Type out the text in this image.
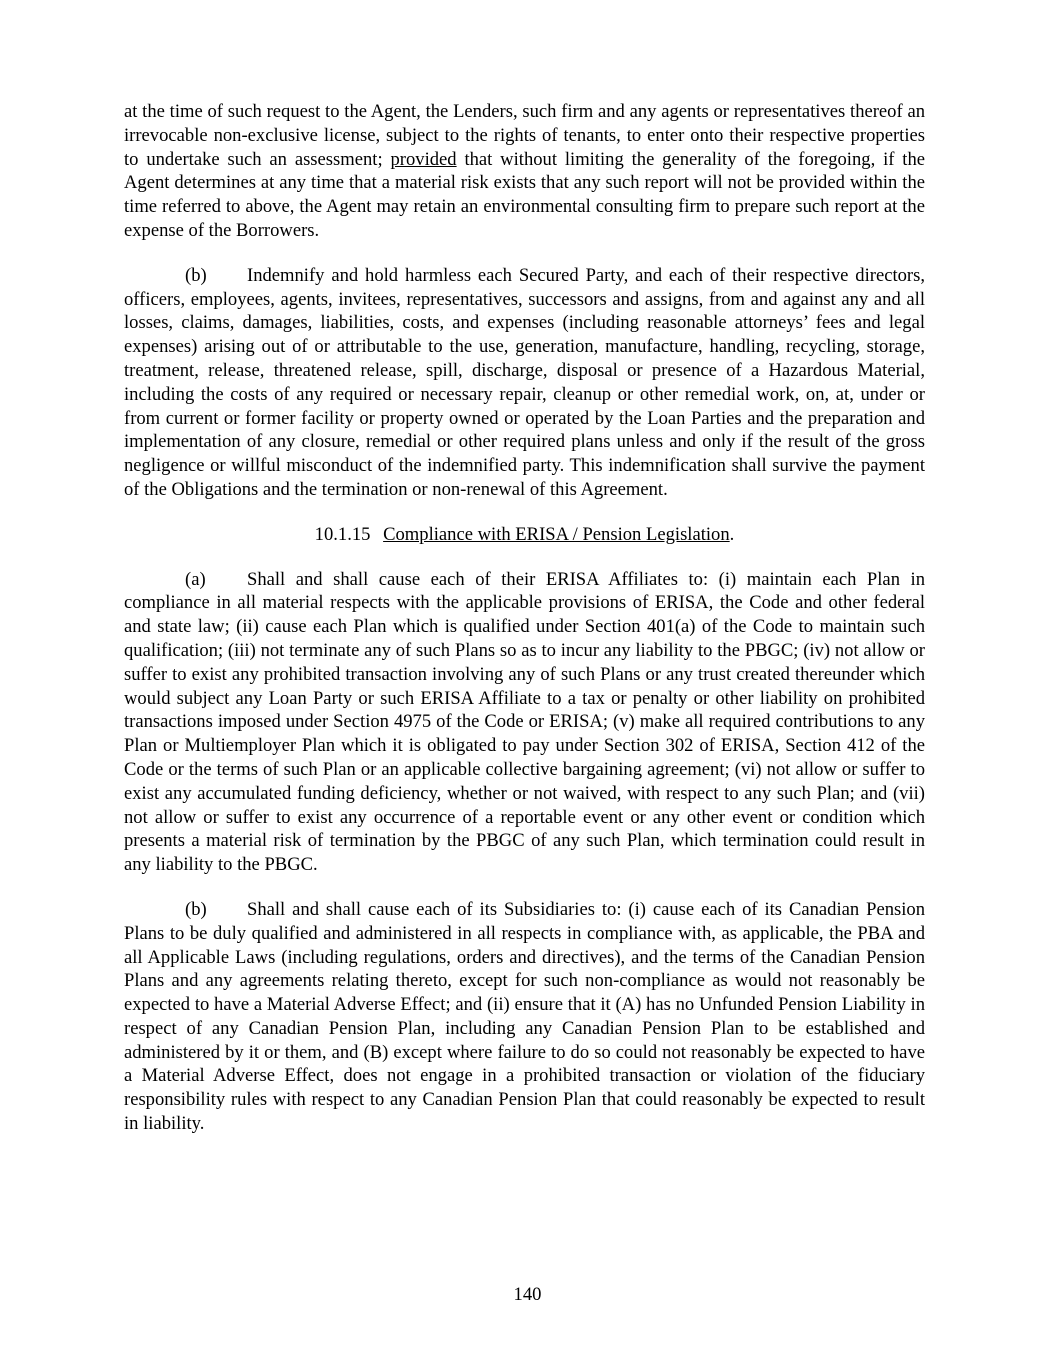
at the time of such request to the Agent, the Lenders, such firm and any agents or representatives thereof an irrevocable non-exclusive license, subject to the rights of tenants, to enter onto their respective properties to undertake such an assessment; provided that without limiting the generality of the foregoing, if the Agent determines at any time that a material risk exists that any such report will not be provided within the time referred to above, the Agent may retain an environmental consulting firm to prepare such report at the expense of the Borrowers.

(b) Indemnify and hold harmless each Secured Party, and each of their respective directors, officers, employees, agents, invitees, representatives, successors and assigns, from and against any and all losses, claims, damages, liabilities, costs, and expenses (including reasonable attorneys’ fees and legal expenses) arising out of or attributable to the use, generation, manufacture, handling, recycling, storage, treatment, release, threatened release, spill, discharge, disposal or presence of a Hazardous Material, including the costs of any required or necessary repair, cleanup or other remedial work, on, at, under or from current or former facility or property owned or operated by the Loan Parties and the preparation and implementation of any closure, remedial or other required plans unless and only if the result of the gross negligence or willful misconduct of the indemnified party. This indemnification shall survive the payment of the Obligations and the termination or non-renewal of this Agreement.

10.1.15 Compliance with ERISA / Pension Legislation.

(a) Shall and shall cause each of their ERISA Affiliates to: (i) maintain each Plan in compliance in all material respects with the applicable provisions of ERISA, the Code and other federal and state law; (ii) cause each Plan which is qualified under Section 401(a) of the Code to maintain such qualification; (iii) not terminate any of such Plans so as to incur any liability to the PBGC; (iv) not allow or suffer to exist any prohibited transaction involving any of such Plans or any trust created thereunder which would subject any Loan Party or such ERISA Affiliate to a tax or penalty or other liability on prohibited transactions imposed under Section 4975 of the Code or ERISA; (v) make all required contributions to any Plan or Multiemployer Plan which it is obligated to pay under Section 302 of ERISA, Section 412 of the Code or the terms of such Plan or an applicable collective bargaining agreement; (vi) not allow or suffer to exist any accumulated funding deficiency, whether or not waived, with respect to any such Plan; and (vii) not allow or suffer to exist any occurrence of a reportable event or any other event or condition which presents a material risk of termination by the PBGC of any such Plan, which termination could result in any liability to the PBGC.

(b) Shall and shall cause each of its Subsidiaries to: (i) cause each of its Canadian Pension Plans to be duly qualified and administered in all respects in compliance with, as applicable, the PBA and all Applicable Laws (including regulations, orders and directives), and the terms of the Canadian Pension Plans and any agreements relating thereto, except for such non-compliance as would not reasonably be expected to have a Material Adverse Effect; and (ii) ensure that it (A) has no Unfunded Pension Liability in respect of any Canadian Pension Plan, including any Canadian Pension Plan to be established and administered by it or them, and (B) except where failure to do so could not reasonably be expected to have a Material Adverse Effect, does not engage in a prohibited transaction or violation of the fiduciary responsibility rules with respect to any Canadian Pension Plan that could reasonably be expected to result in liability.

140
